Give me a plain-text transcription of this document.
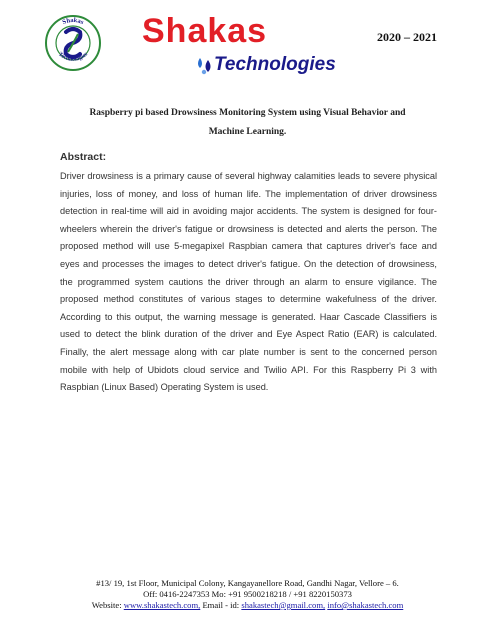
Shakas
Technologies
Shakas
Technologies
2020 – 2021
Raspberry pi based Drowsiness Monitoring System using Visual Behavior and
Machine Learning.
Abstract:
Driver drowsiness is a primary cause of several highway calamities leads to severe physical injuries, loss of money, and loss of human life. The implementation of driver drowsiness detection in real-time will aid in avoiding major accidents. The system is designed for four-wheelers wherein the driver's fatigue or drowsiness is detected and alerts the person. The proposed method will use 5-megapixel Raspbian camera that captures driver's face and eyes and processes the images to detect driver's fatigue. On the detection of drowsiness, the programmed system cautions the driver through an alarm to ensure vigilance. The proposed method constitutes of various stages to determine wakefulness of the driver. According to this output, the warning message is generated. Haar Cascade Classifiers is used to detect the blink duration of the driver and Eye Aspect Ratio (EAR) is calculated. Finally, the alert message along with car plate number is sent to the concerned person mobile with help of Ubidots cloud service and Twilio API. For this Raspberry Pi 3 with Raspbian (Linux Based) Operating System is used.
#13/ 19, 1st Floor, Municipal Colony, Kangayanellore Road, Gandhi Nagar, Vellore – 6.
Off: 0416-2247353 Mo: +91 9500218218 / +91 8220150373
Website: www.shakastech.com, Email - id: shakastech@gmail.com, info@shakastech.com
